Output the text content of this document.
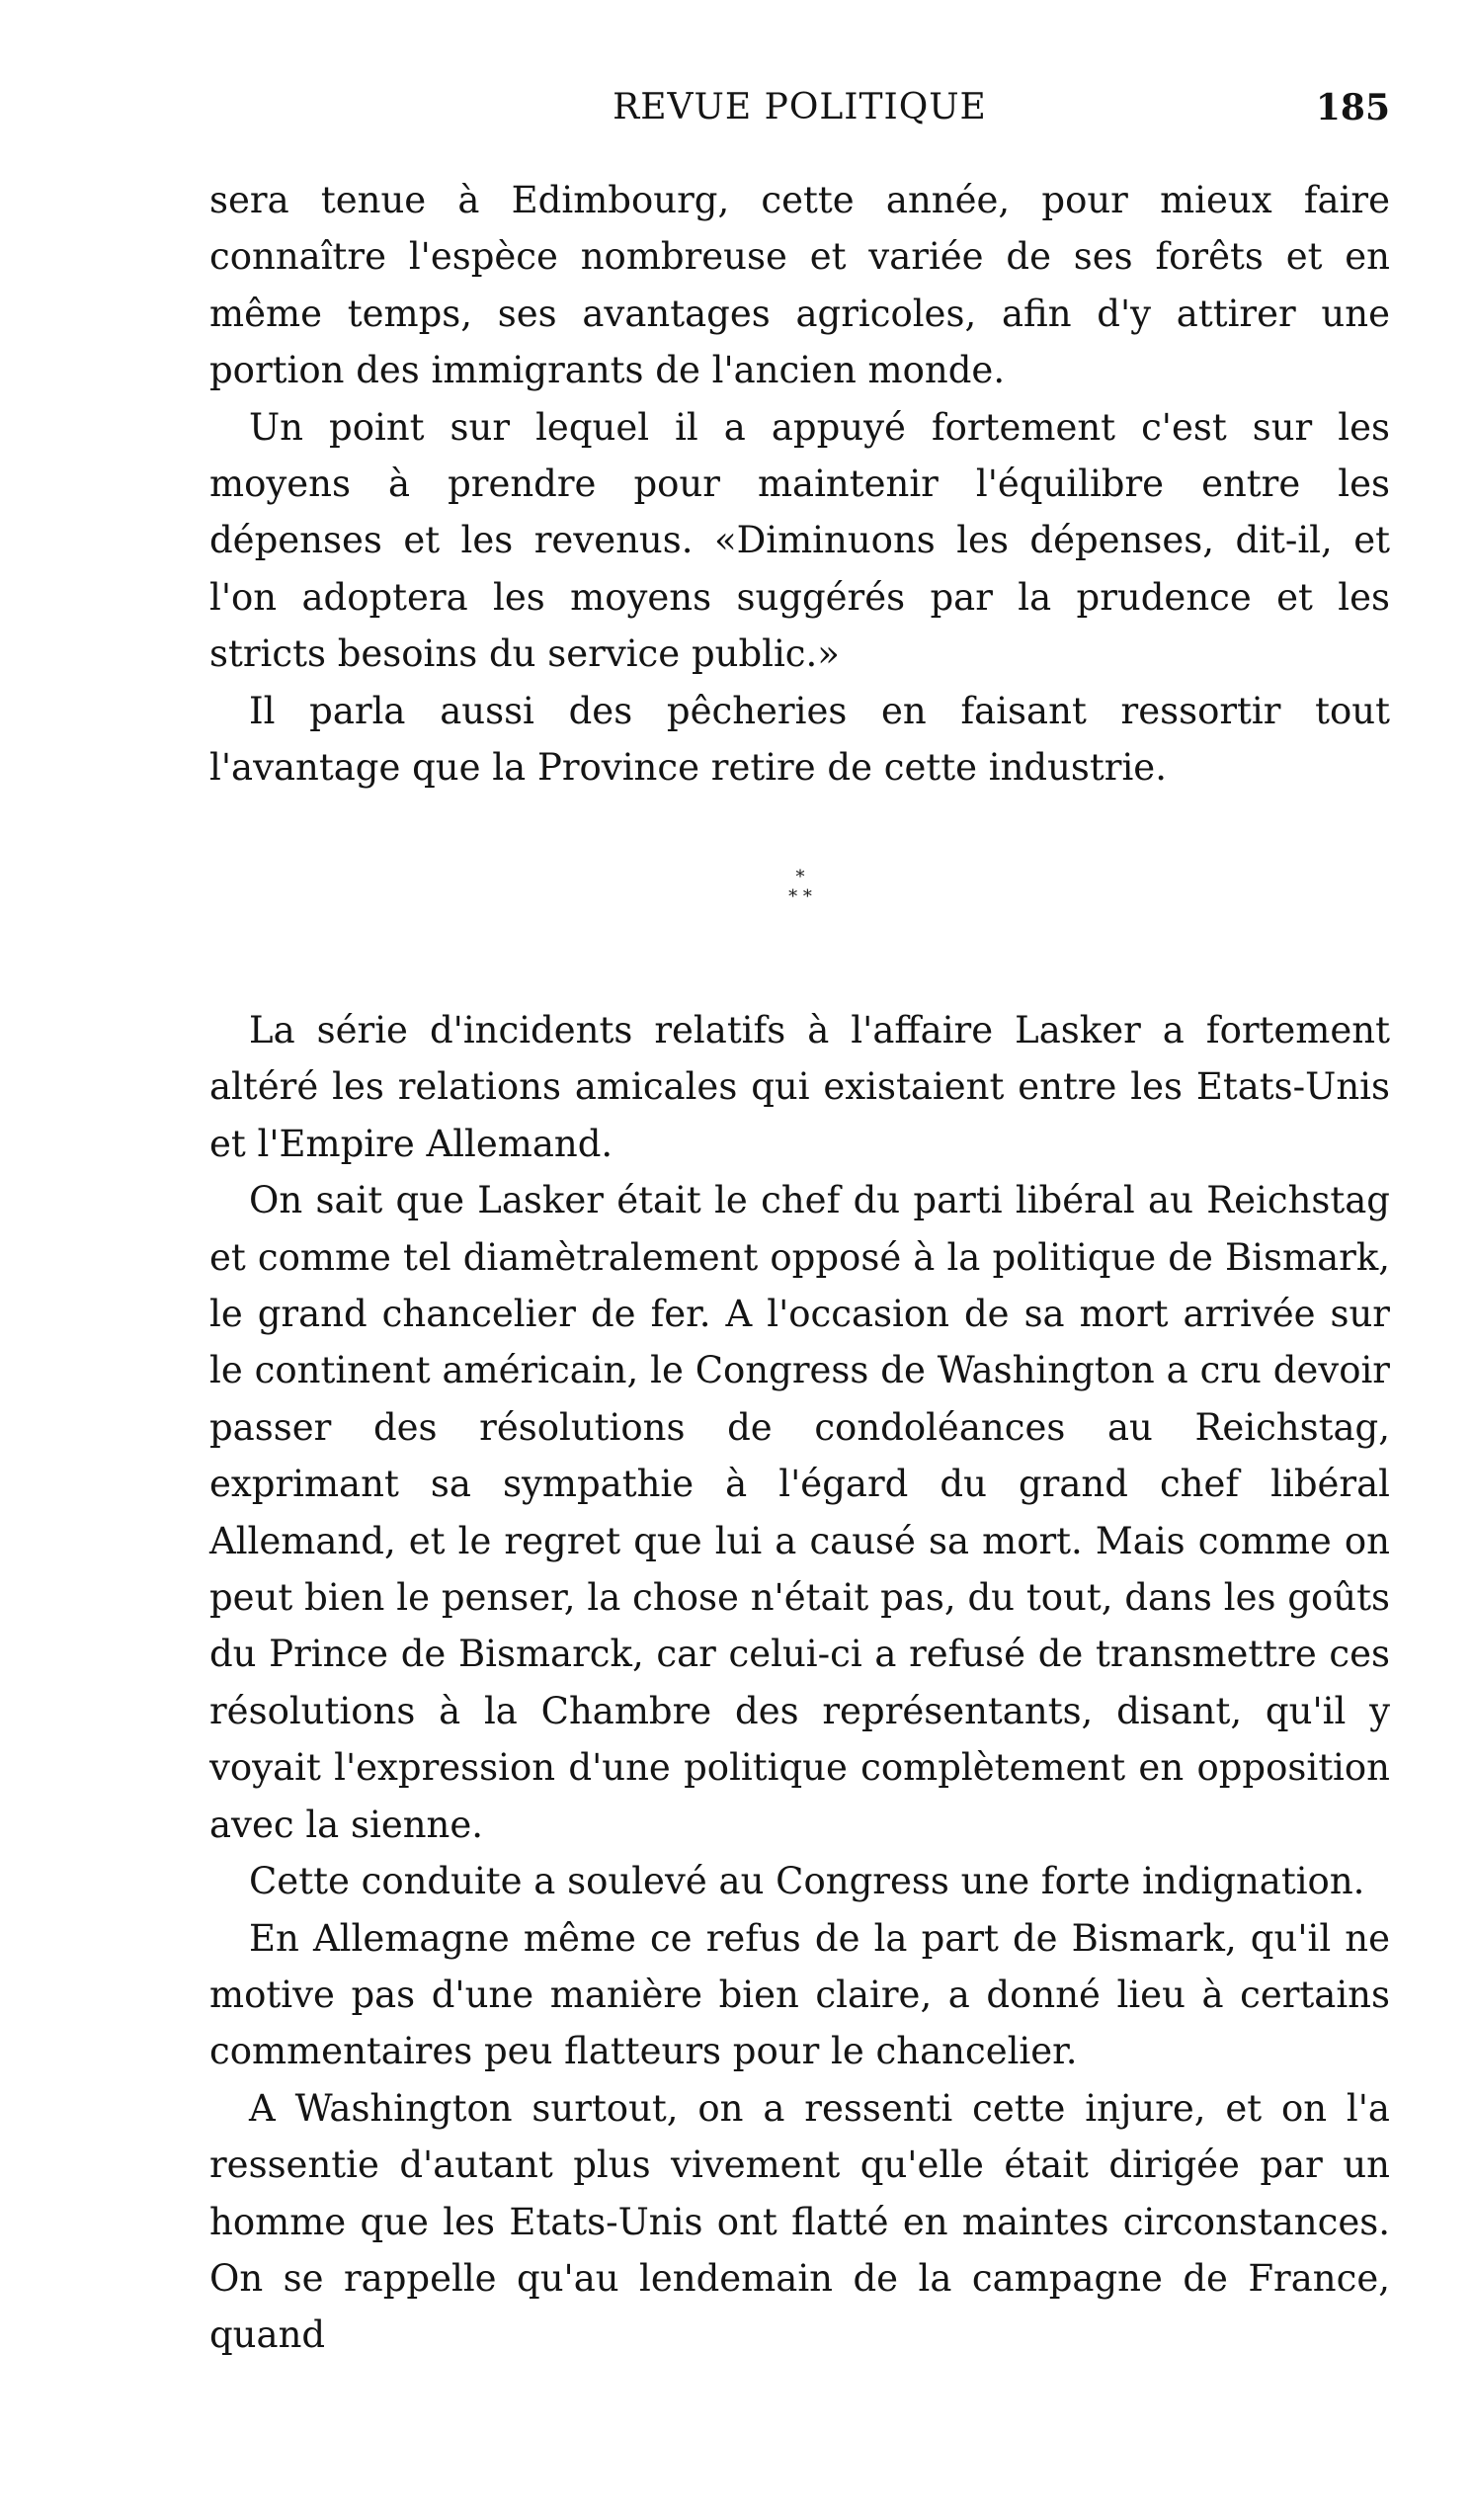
REVUE POLITIQUE	185

sera tenue à Edimbourg, cette année, pour mieux faire connaître l'espèce nombreuse et variée de ses forêts et en même temps, ses avantages agricoles, afin d'y attirer une portion des immigrants de l'ancien monde.

Un point sur lequel il a appuyé fortement c'est sur les moyens à prendre pour maintenir l'équilibre entre les dépenses et les revenus. «Diminuons les dépenses, dit-il, et l'on adoptera les moyens suggérés par la prudence et les stricts besoins du service public.»

Il parla aussi des pêcheries en faisant ressortir tout l'avantage que la Province retire de cette industrie.

*
* *

La série d'incidents relatifs à l'affaire Lasker a fortement altéré les relations amicales qui existaient entre les Etats-Unis et l'Empire Allemand.

On sait que Lasker était le chef du parti libéral au Reichstag et comme tel diamètralement opposé à la politique de Bismark, le grand chancelier de fer. A l'occasion de sa mort arrivée sur le continent américain, le Congress de Washington a cru devoir passer des résolutions de condoléances au Reichstag, exprimant sa sympathie à l'égard du grand chef libéral Allemand, et le regret que lui a causé sa mort. Mais comme on peut bien le penser, la chose n'était pas, du tout, dans les goûts du Prince de Bismarck, car celui-ci a refusé de transmettre ces résolutions à la Chambre des représentants, disant, qu'il y voyait l'expression d'une politique complètement en opposition avec la sienne.

Cette conduite a soulevé au Congress une forte indignation.

En Allemagne même ce refus de la part de Bismark, qu'il ne motive pas d'une manière bien claire, a donné lieu à certains commentaires peu flatteurs pour le chancelier.

A Washington surtout, on a ressenti cette injure, et on l'a ressentie d'autant plus vivement qu'elle était dirigée par un homme que les Etats-Unis ont flatté en maintes circonstances. On se rappelle qu'au lendemain de la campagne de France, quand
